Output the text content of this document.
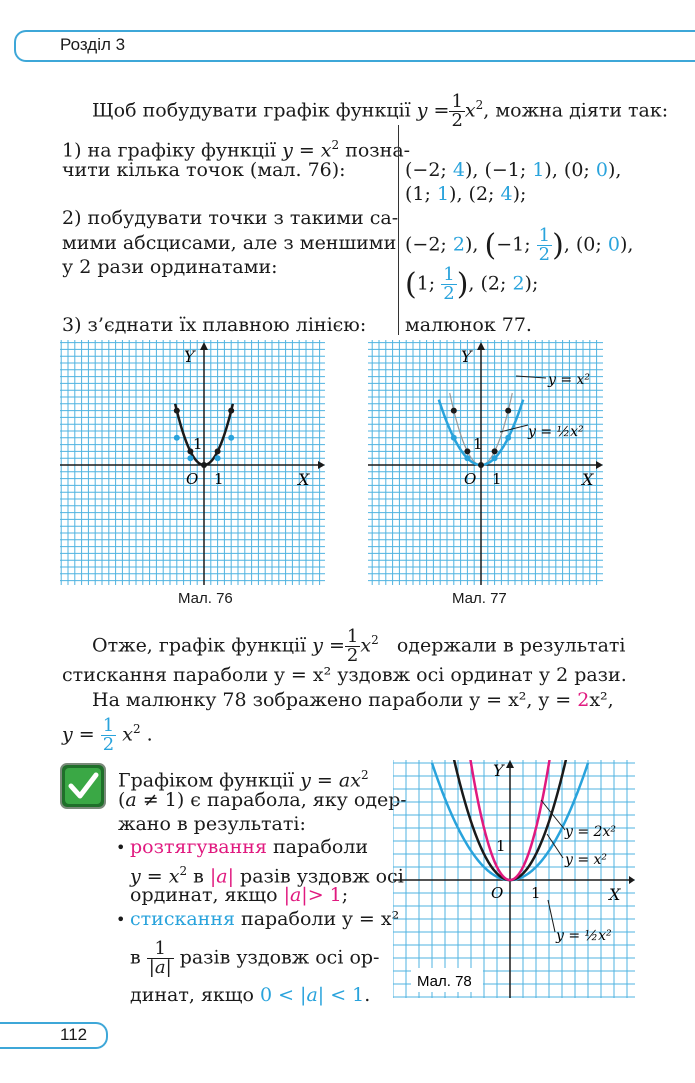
Розділ 3
Щоб побудувати графік функції $y = \frac{1}{2} x^2$, можна діяти так:
1) на графіку функції $y = x^2$ позна-
чити кілька точок (мал. 76):
2) побудувати точки з такими са-
мими абсцисами, але з меншими
у 2 рази ординатами:
3) з’єднати їх плавною лінією:
(−2; 4), (−1; 1), (0; 0),
(1; 1), (2; 4);
(−2; 2), (−1; $\frac{1}{2}$ ), (0; 0),
(1; $\frac{1}{2}$ ), (2; 2);
малюнок 77.
Y
X
O 1
1
Мал. 76
Y
X
O 1
1
y = x²
y = ½x²
Мал. 77
Отже, графік функції $y = \frac{1}{2} x^2$   одержали в результаті
стискання параболи y = x² уздовж осі ординат у 2 рази.
На малюнку 78 зображено параболи y = x², y = 2x²,
$y = \frac{1}{2} x^2$ .
Графіком функції $y = ax^2$
(a ≠ 1) є парабола, яку одер-
жано в результаті:
• розтягування параболи
$y = x^2$ в |a| разів уздовж осі
ординат, якщо |a|> 1;
• стискання параболи y = x²
в $\frac{1}{|a|}$ разів уздовж осі ор-
динат, якщо 0 < |a| < 1.
Y
X
O 1
1
y = 2x²
y = x²
y = ½x²
Мал. 78
112
